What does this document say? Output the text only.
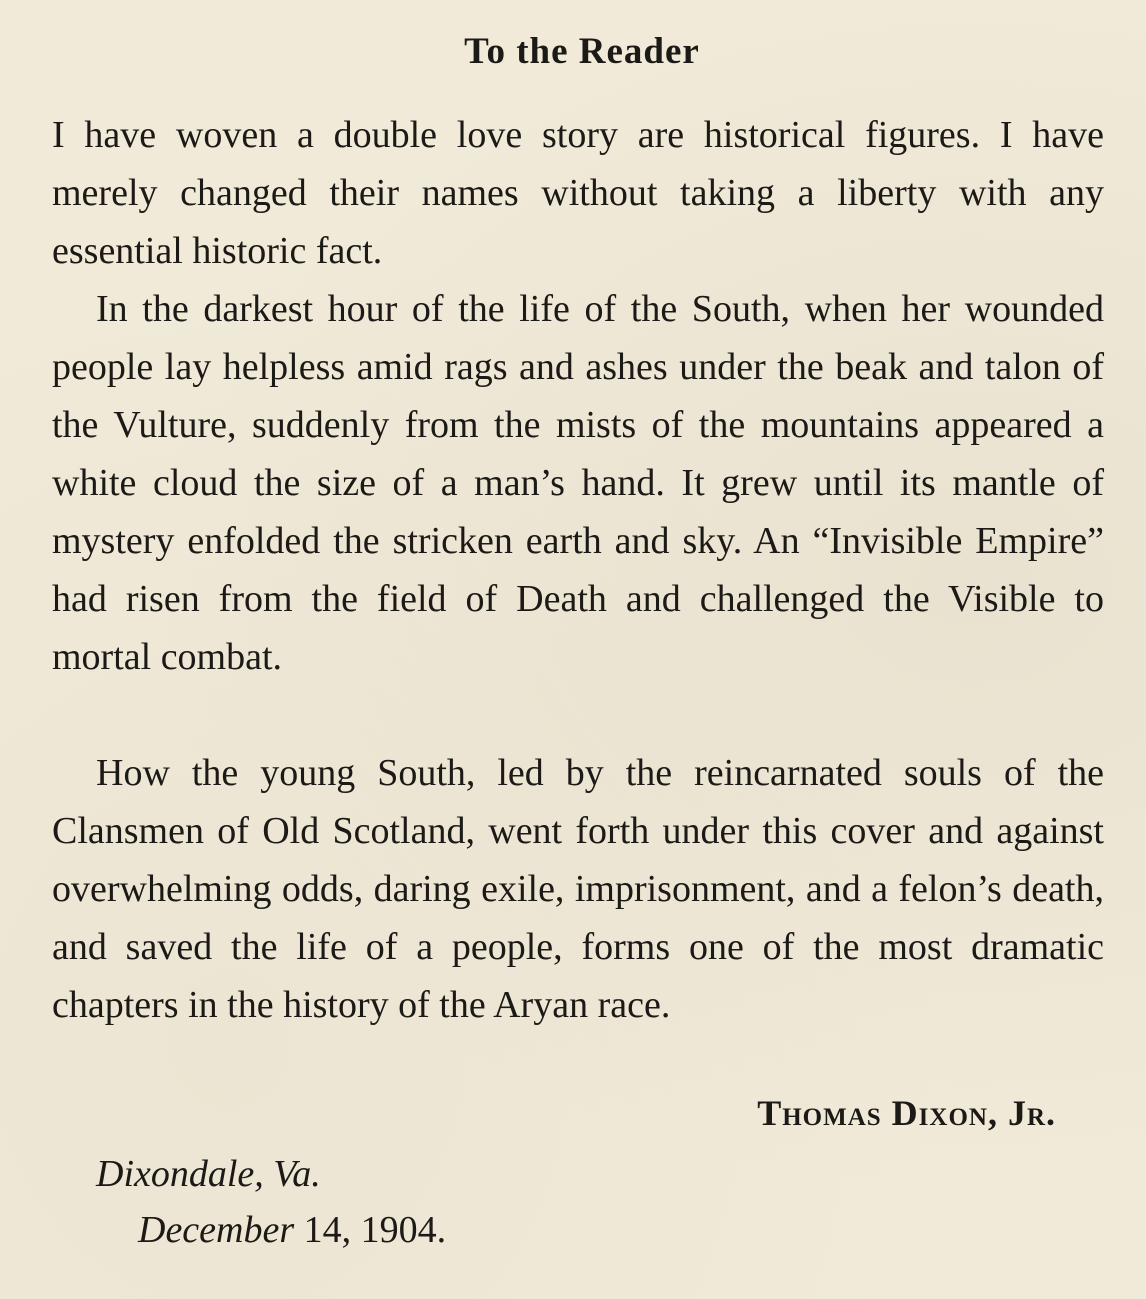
To the Reader

I have woven a double love story are historical figures. I have merely changed their names without taking a liberty with any essential historic fact.

In the darkest hour of the life of the South, when her wounded people lay helpless amid rags and ashes under the beak and talon of the Vulture, suddenly from the mists of the mountains appeared a white cloud the size of a man’s hand. It grew until its mantle of mystery enfolded the stricken earth and sky. An “Invisible Empire” had risen from the field of Death and challenged the Visible to mortal combat.

How the young South, led by the reincarnated souls of the Clansmen of Old Scotland, went forth under this cover and against overwhelming odds, daring exile, imprisonment, and a felon’s death, and saved the life of a people, forms one of the most dramatic chapters in the history of the Aryan race.

Thomas Dixon, Jr.

Dixondale, Va.

December 14, 1904.
